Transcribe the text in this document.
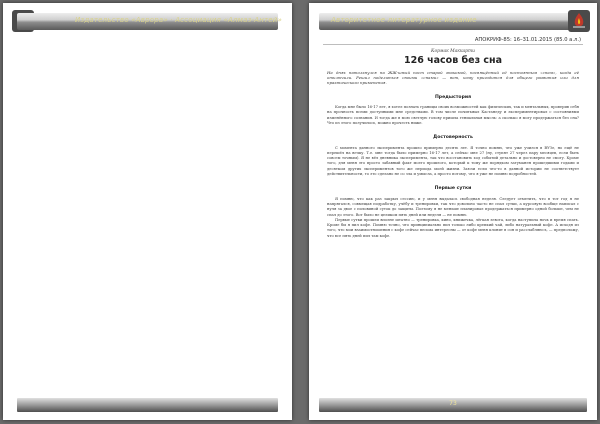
Издательство «Аврора» · Ассоциация «Алмаз-Антей»	Авторитетное литературное издание
АПОКРИФ-85: 16–31.01.2015 (85.0 а.л.)
Кормак Маккарти
126 часов без сна
На днях натолкнулся на ЖЖ-шный пост старой знакомой, посвящённый её постоянным «снам», когда её отключили. Решил поделиться своими «снами» — вот, кому пригодится для общего развития или для практического применения.
Предыстория
Когда мне было 16-17 лет, я хотел познать границы своих возможностей как физических, так и ментальных, проверив себя на прочность всеми доступными мне средствами. В том числе почитывал Кастанеду и экспериментировал с состояниями изменённого сознания. И тогда же в мою светлую голову пришла гениальная мысль: а сколько я могу продержаться без сна? Что из этого получилось, можно прочесть ниже.
Достоверность
С момента данного эксперимента прошло примерно десять лет. Я точно помню, что уже учился в ВУЗе, но ещё не перешёл на вечку. Т.е. мне тогда было примерно 16-17 лет, а сейчас мне 27 (ну, ступят 27 через пару месяцев, если быть совсем точным). Я не вёл дневника эксперимента, так что восстановить ход событий детально и достоверно не смогу. Кроме того, для меня это просто забавный факт моего прошлого, который к тому же порядком затуманен прошедшими годами и десятком других экспериментов того же периода моей жизни. Заюзи если что-то в данной истории не соответствует действительности, то это сделано не со зла и умысла, а просто потому, что я уже не помню подробностей.
Первые сутки
Я помню, что как раз закрыл сессию, и у меня выдалась свободная неделя. Следует отметить, что в тот год я не напрягался, совмещая подработку, учёбу и тренировки, так что довольно часто не спал сутки, а курсовую вообще написал с нуля за двое с половиной суток до защиты. Поэтому я не меньше планировал продержаться примерно одной больше, чем не спал до этого. Вот было не целиком пять дней или неделя — не помню.
Первые сутки прошли вполне штатно — тренировка, кино, книжечка, лёгкая зевота, когда наступила ночь и время спать. Кроме бы я пил кофе. Помню точно, что принципиально пил только либо крепкий чай, либо натуральный кофе. А исходя из того, что мои взаимоотношения с кофе сейчас весьма интересны — от кофе меня клонит в сон и расслабляюсь, — предположу, что все пять дней пил там кофе.
73
